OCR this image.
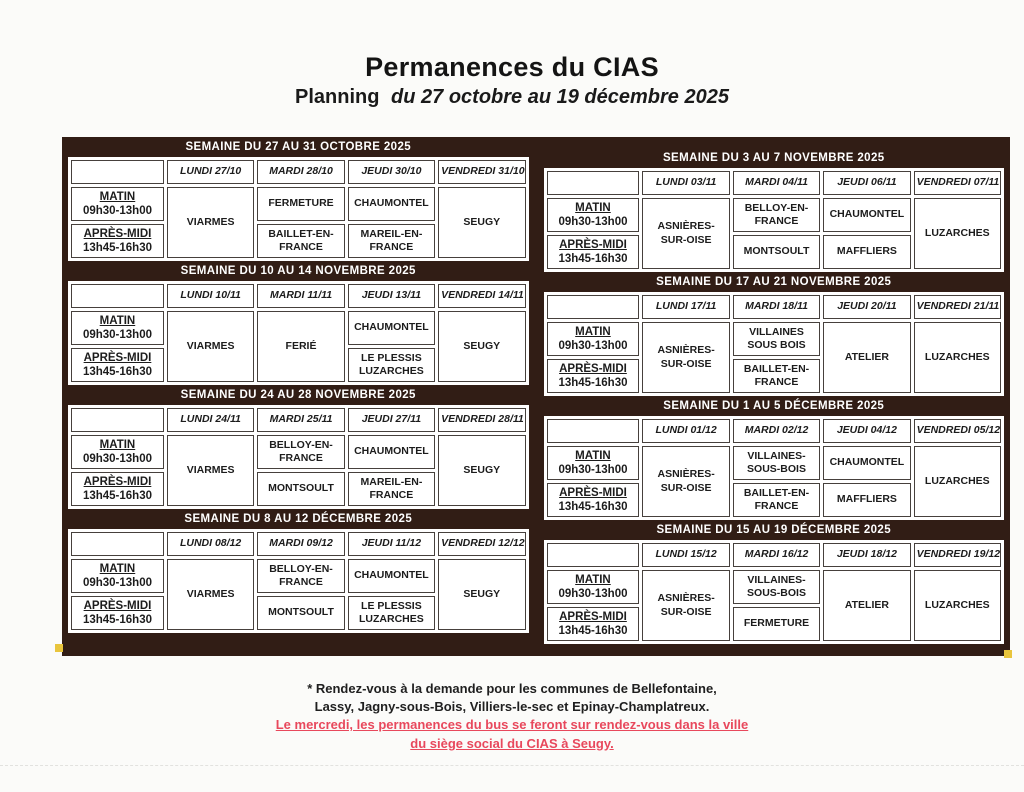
Permanences du CIAS
Planning du 27 octobre au 19 décembre 2025
SEMAINE DU 27 AU 31 OCTOBRE 2025
	LUNDI 27/10	MARDI 28/10	JEUDI 30/10	VENDREDI 31/10
MATIN
09h30-13h00	VIARMES	FERMETURE	CHAUMONTEL	SEUGY
APRÈS-MIDI
13h45-16h30		BAILLET-EN-FRANCE	MAREIL-EN-FRANCE	
SEMAINE DU 10 AU 14 NOVEMBRE 2025
	LUNDI 10/11	MARDI 11/11	JEUDI 13/11	VENDREDI 14/11
MATIN
09h30-13h00	VIARMES	FERIÉ	CHAUMONTEL	SEUGY
APRÈS-MIDI
13h45-16h30			LE PLESSIS LUZARCHES	
SEMAINE DU 24 AU 28 NOVEMBRE 2025
	LUNDI 24/11	MARDI 25/11	JEUDI 27/11	VENDREDI 28/11
MATIN
09h30-13h00	VIARMES	BELLOY-EN-FRANCE	CHAUMONTEL	SEUGY
APRÈS-MIDI
13h45-16h30		MONTSOULT	MAREIL-EN-FRANCE	
SEMAINE DU 8 AU 12 DÉCEMBRE 2025
	LUNDI 08/12	MARDI 09/12	JEUDI 11/12	VENDREDI 12/12
MATIN
09h30-13h00	VIARMES	BELLOY-EN-FRANCE	CHAUMONTEL	SEUGY
APRÈS-MIDI
13h45-16h30		MONTSOULT	LE PLESSIS LUZARCHES	
SEMAINE DU 3 AU 7 NOVEMBRE 2025
	LUNDI 03/11	MARDI 04/11	JEUDI 06/11	VENDREDI 07/11
MATIN
09h30-13h00	ASNIÈRES-SUR-OISE	BELLOY-EN-FRANCE	CHAUMONTEL	LUZARCHES
APRÈS-MIDI
13h45-16h30		MONTSOULT	MAFFLIERS	
SEMAINE DU 17 AU 21 NOVEMBRE 2025
	LUNDI 17/11	MARDI 18/11	JEUDI 20/11	VENDREDI 21/11
MATIN
09h30-13h00	ASNIÈRES-SUR-OISE	VILLAINES SOUS BOIS	ATELIER	LUZARCHES
APRÈS-MIDI
13h45-16h30		BAILLET-EN-FRANCE		
SEMAINE DU 1 AU 5 DÉCEMBRE 2025
	LUNDI 01/12	MARDI 02/12	JEUDI 04/12	VENDREDI 05/12
MATIN
09h30-13h00	ASNIÈRES-SUR-OISE	VILLAINES-SOUS-BOIS	CHAUMONTEL	LUZARCHES
APRÈS-MIDI
13h45-16h30		BAILLET-EN-FRANCE	MAFFLIERS	
SEMAINE DU 15 AU 19 DÉCEMBRE 2025
	LUNDI 15/12	MARDI 16/12	JEUDI 18/12	VENDREDI 19/12
MATIN
09h30-13h00	ASNIÈRES-SUR-OISE	VILLAINES-SOUS-BOIS	ATELIER	LUZARCHES
APRÈS-MIDI
13h45-16h30		FERMETURE		
* Rendez-vous à la demande pour les communes de Bellefontaine,
Lassy, Jagny-sous-Bois, Villiers-le-sec et Epinay-Champlatreux.
Le mercredi, les permanences du bus se feront sur rendez-vous dans la ville
du siège social du CIAS à Seugy.
